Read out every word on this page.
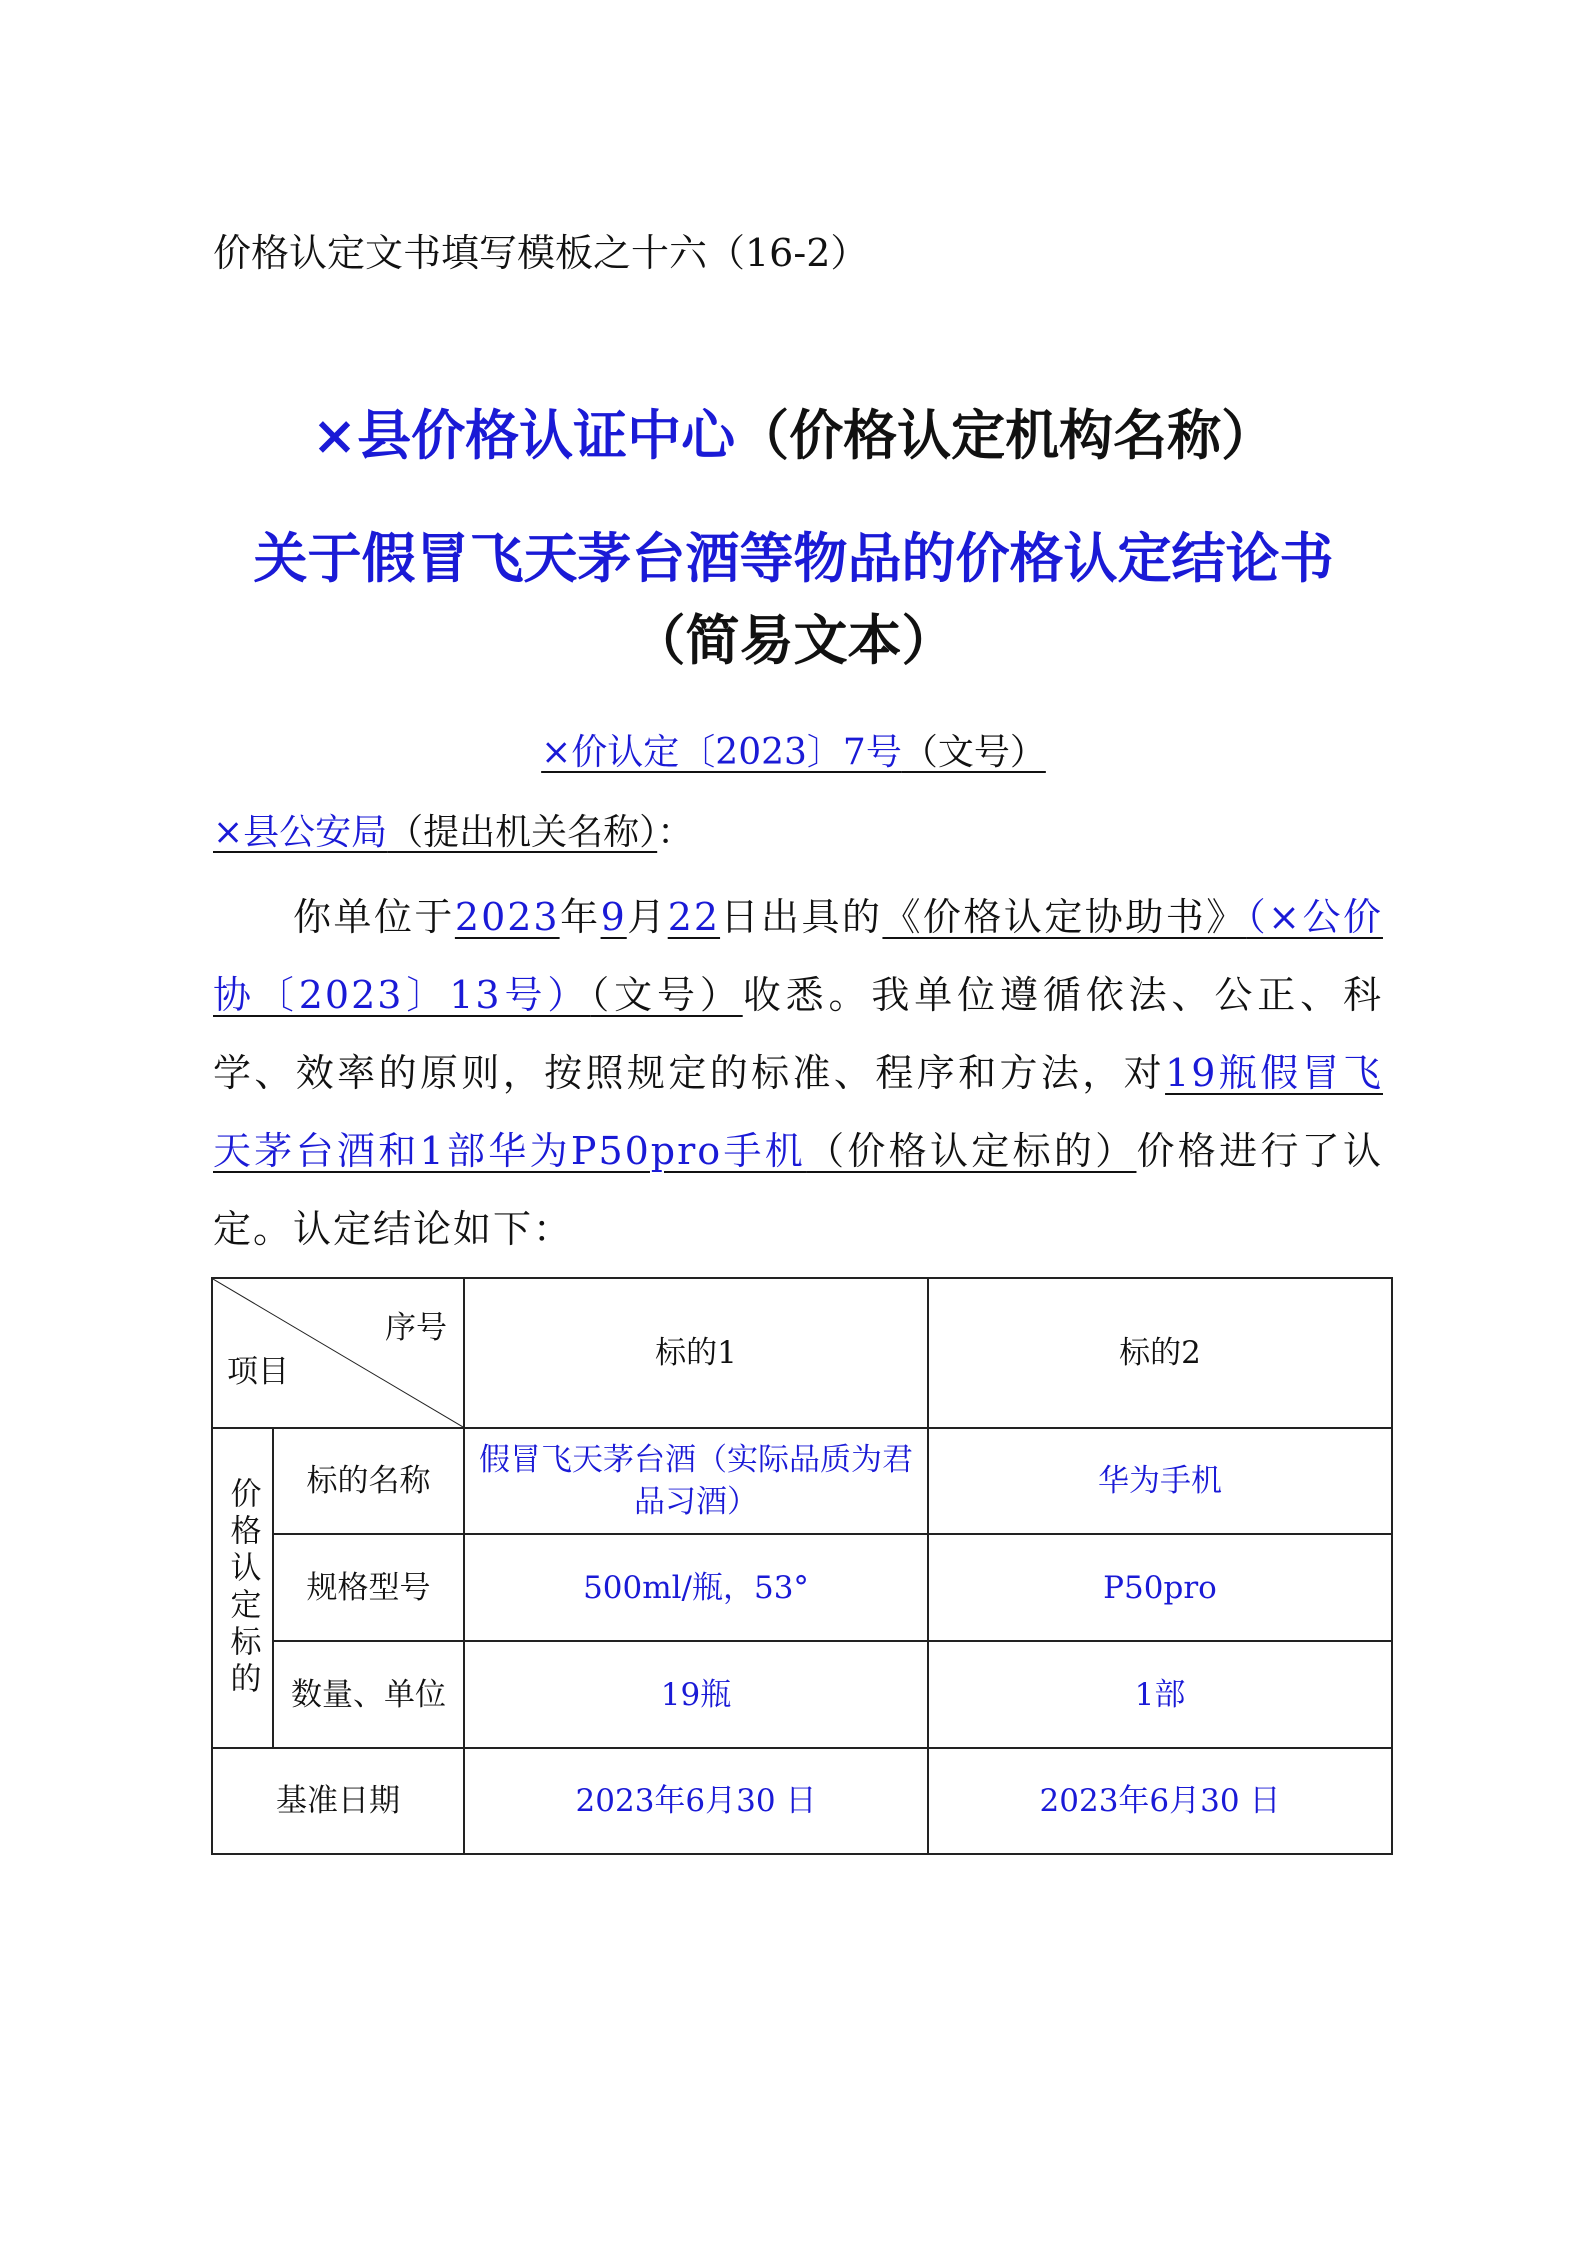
价格认定文书填写模板之十六（16-2）
×县价格认证中心（价格认定机构名称）
关于假冒飞天茅台酒等物品的价格认定结论书
（简易文本）
×价认定〔2023〕7号（文号）
×县公安局（提出机关名称）：
你单位于2023年9月22日出具的《价格认定协助书》（×公价协〔2023〕13号）（文号）收悉。我单位遵循依法、公正、科学、效率的原则，按照规定的标准、程序和方法，对19瓶假冒飞天茅台酒和1部华为P50pro手机（价格认定标的）价格进行了认定。认定结论如下：
序号
项目		标的1	标的2

价格认定标的	标的名称	假冒飞天茅台酒（实际品质为君品习酒）	华为手机
	规格型号	500ml/瓶，53°	P50pro
	数量、单位	19瓶	1部
基准日期		2023年6月30 日	2023年6月30 日
